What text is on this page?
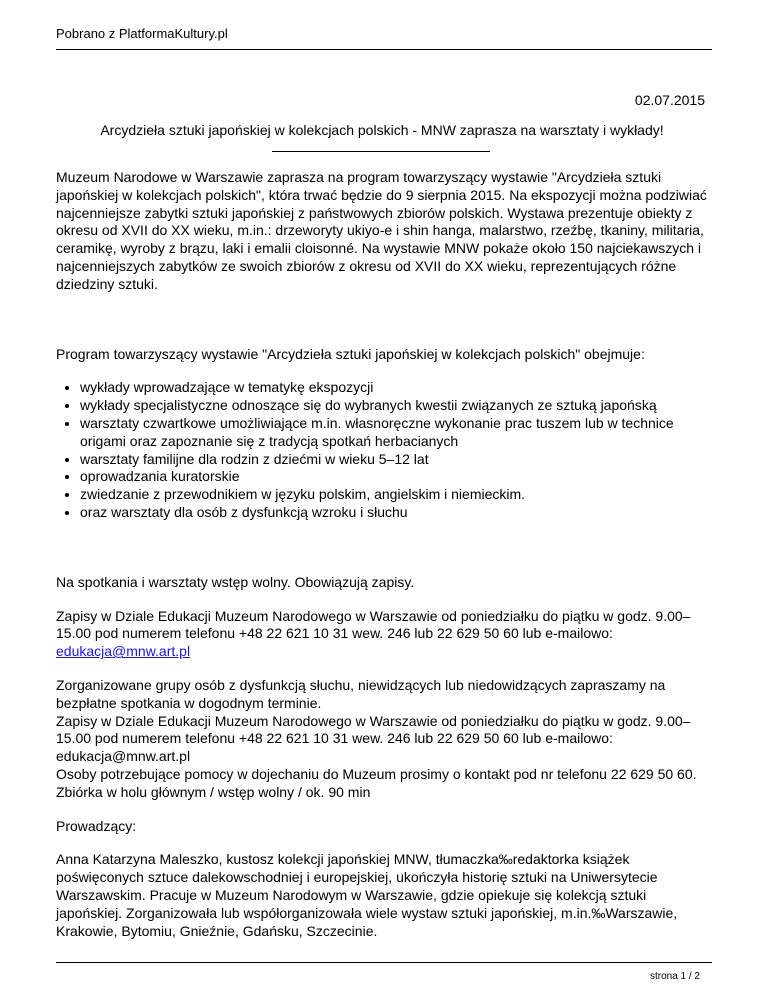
Pobrano z PlatformaKultury.pl
02.07.2015
Arcydzieła sztuki japońskiej w kolekcjach polskich - MNW zaprasza na warsztaty i wykłady!

Muzeum Narodowe w Warszawie zaprasza na program towarzyszący wystawie "Arcydzieła sztuki japońskiej w kolekcjach polskich", która trwać będzie do 9 sierpnia 2015. Na ekspozycji można podziwiać najcenniejsze zabytki sztuki japońskiej z państwowych zbiorów polskich. Wystawa prezentuje obiekty z okresu od XVII do XX wieku, m.in.: drzeworyty ukiyo-e i shin hanga, malarstwo, rzeźbę, tkaniny, militaria, ceramikę, wyroby z brązu, laki i emalii cloisonné. Na wystawie MNW pokaże około 150 najciekawszych i najcenniejszych zabytków ze swoich zbiorów z okresu od XVII do XX wieku, reprezentujących różne dziedziny sztuki.

Program towarzyszący wystawie "Arcydzieła sztuki japońskiej w kolekcjach polskich" obejmuje:

• wykłady wprowadzające w tematykę ekspozycji
• wykłady specjalistyczne odnoszące się do wybranych kwestii związanych ze sztuką japońską
• warsztaty czwartkowe umożliwiające m.in. własnoręczne wykonanie prac tuszem lub w technice origami oraz zapoznanie się z tradycją spotkań herbacianych
• warsztaty familijne dla rodzin z dziećmi w wieku 5–12 lat
• oprowadzania kuratorskie
• zwiedzanie z przewodnikiem w języku polskim, angielskim i niemieckim.
• oraz warsztaty dla osób z dysfunkcją wzroku i słuchu

Na spotkania i warsztaty wstęp wolny. Obowiązują zapisy.

Zapisy w Dziale Edukacji Muzeum Narodowego w Warszawie od poniedziałku do piątku w godz. 9.00–15.00 pod numerem telefonu +48 22 621 10 31 wew. 246 lub 22 629 50 60 lub e-mailowo: edukacja@mnw.art.pl

Zorganizowane grupy osób z dysfunkcją słuchu, niewidzących lub niedowidzących zapraszamy na bezpłatne spotkania w dogodnym terminie.
Zapisy w Dziale Edukacji Muzeum Narodowego w Warszawie od poniedziałku do piątku w godz. 9.00–15.00 pod numerem telefonu +48 22 621 10 31 wew. 246 lub 22 629 50 60 lub e-mailowo: edukacja@mnw.art.pl
Osoby potrzebujące pomocy w dojechaniu do Muzeum prosimy o kontakt pod nr telefonu 22 629 50 60.
Zbiórka w holu głównym / wstęp wolny / ok. 90 min

Prowadzący:

Anna Katarzyna Maleszko, kustosz kolekcji japońskiej MNW, tłumaczka‰redaktorka książek poświęconych sztuce dalekowschodniej i europejskiej, ukończyła historię sztuki na Uniwersytecie Warszawskim. Pracuje w Muzeum Narodowym w Warszawie, gdzie opiekuje się kolekcją sztuki japońskiej. Zorganizowała lub współorganizowała wiele wystaw sztuki japońskiej, m.in.‰Warszawie, Krakowie, Bytomiu, Gnieźnie, Gdańsku, Szczecinie.

strona 1 / 2
